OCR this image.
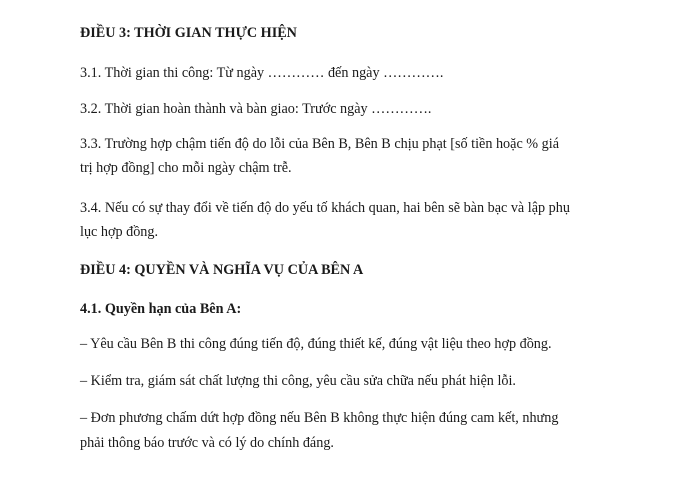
ĐIỀU 3: THỜI GIAN THỰC HIỆN
3.1. Thời gian thi công: Từ ngày ………… đến ngày ………….
3.2. Thời gian hoàn thành và bàn giao: Trước ngày ………….
3.3. Trường hợp chậm tiến độ do lỗi của Bên B, Bên B chịu phạt [số tiền hoặc % giá
trị hợp đồng] cho mỗi ngày chậm trễ.
3.4. Nếu có sự thay đổi về tiến độ do yếu tố khách quan, hai bên sẽ bàn bạc và lập phụ
lục hợp đồng.
ĐIỀU 4: QUYỀN VÀ NGHĨA VỤ CỦA BÊN A
4.1. Quyền hạn của Bên A:
– Yêu cầu Bên B thi công đúng tiến độ, đúng thiết kế, đúng vật liệu theo hợp đồng.
– Kiểm tra, giám sát chất lượng thi công, yêu cầu sửa chữa nếu phát hiện lỗi.
– Đơn phương chấm dứt hợp đồng nếu Bên B không thực hiện đúng cam kết, nhưng
phải thông báo trước và có lý do chính đáng.
